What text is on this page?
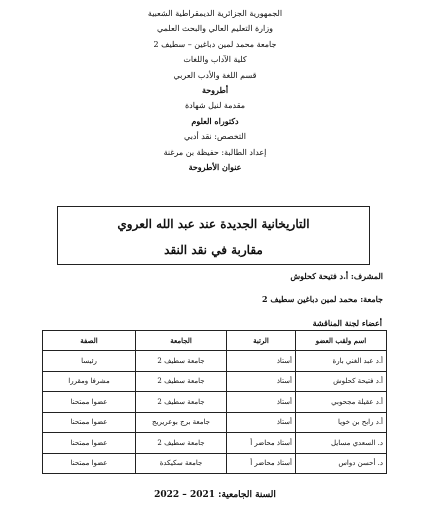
الجمهورية الجزائرية الديمقراطية الشعبية
وزارة التعليم العالي والبحث العلمي
جامعة محمد لمين دباغين – سطيف 2
كلية الآداب واللغات
قسم اللغة والأدب العربي
أطروحة
مقدمة لنيل شهادة
دكتوراه العلوم
التخصص: نقد أدبي
إعداد الطالبة: حفيظة بن مرغنة
عنوان الأطروحة
التاريخانية الجديدة عند عبد الله العروي
مقاربة في نقد النقد
المشرف: أ.د فتيحة كحلوش
جامعة: محمد لمين دباغين سطيف 2
أعضاء لجنة المناقشة
اسم ولقب العضو	الرتبة	الجامعة	الصفة
أ.د عبد الغني بارة	أستاذ	جامعة سطيف 2	رئيسا
أ.د فتيحة كحلوش	أستاذ	جامعة سطيف 2	مشرفا ومقررا
أ.د عقيلة مجحوبي	أستاذ	جامعة سطيف 2	عضوا ممتحنا
أ.د رابح بن خويا	أستاذ	جامعة برج بوعريريج	عضوا ممتحنا
د. السعدي مسايل	أستاذ محاضر أ	جامعة سطيف 2	عضوا ممتحنا
د. أحسن دواس	أستاذ محاضر أ	جامعة سكيكدة	عضوا ممتحنا
السنة الجامعية: 2021 – 2022
